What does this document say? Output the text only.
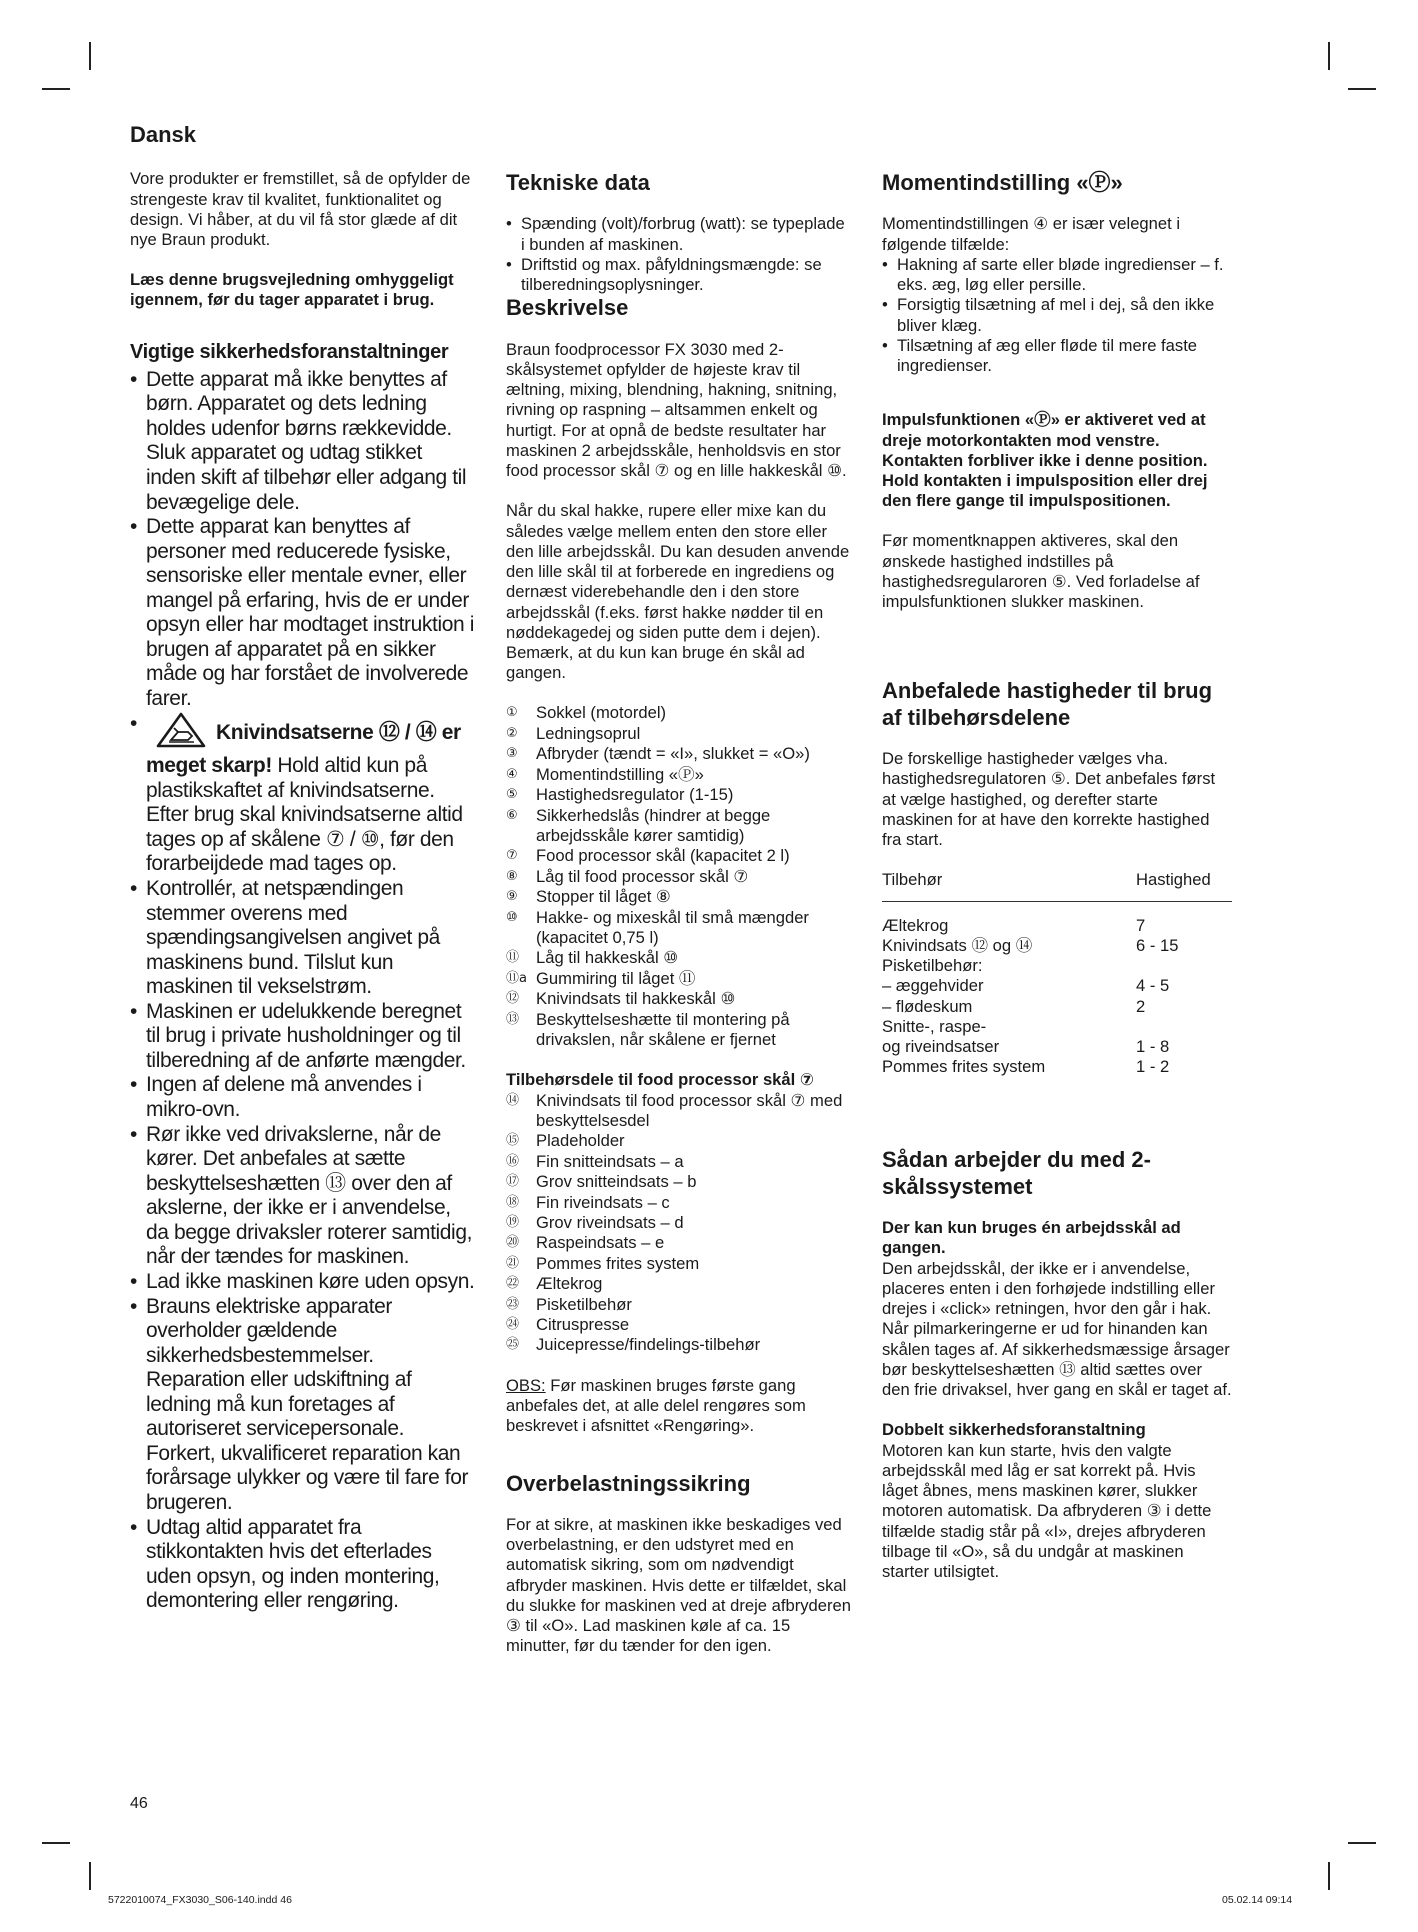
Dansk

Vore produkter er fremstillet, så de opfylder de strengeste krav til kvalitet, funktionalitet og design. Vi håber, at du vil få stor glæde af dit nye Braun produkt.

Læs denne brugsvejledning omhyggeligt igennem, før du tager apparatet i brug.

Vigtige sikkerhedsforanstaltninger
• Dette apparat må ikke benyttes af børn. Apparatet og dets ledning holdes udenfor børns rækkevidde. Sluk apparatet og udtag stikket inden skift af tilbehør eller adgang til bevægelige dele.
• Dette apparat kan benyttes af personer med reducerede fysiske, sensoriske eller mentale evner, eller mangel på erfaring, hvis de er under opsyn eller har modtaget instruktion i brugen af apparatet på en sikker måde og har forstået de involverede farer.
• Knivindsatserne ⑫ / ⑭ er meget skarp! Hold altid kun på plastikskaftet af knivindsatserne. Efter brug skal knivindsatserne altid tages op af skålene ⑦ / ⑩, før den forarbeijdede mad tages op.
• Kontrollér, at netspændingen stemmer overens med spændingsangivelsen angivet på maskinens bund. Tilslut kun maskinen til vekselstrøm.
• Maskinen er udelukkende beregnet til brug i private husholdninger og til tilberedning af de anførte mængder.
• Ingen af delene må anvendes i mikro-ovn.
• Rør ikke ved drivakslerne, når de kører. Det anbefales at sætte beskyttelseshætten ⑬ over den af akslerne, der ikke er i anvendelse, da begge drivaksler roterer samtidig, når der tændes for maskinen.
• Lad ikke maskinen køre uden opsyn.
• Brauns elektriske apparater overholder gældende sikkerhedsbestemmelser. Reparation eller udskiftning af ledning må kun foretages af autoriseret servicepersonale. Forkert, ukvalificeret reparation kan forårsage ulykker og være til fare for brugeren.
• Udtag altid apparatet fra stikkontakten hvis det efterlades uden opsyn, og inden montering, demontering eller rengøring.
Tekniske data
• Spænding (volt)/forbrug (watt): se typeplade i bunden af maskinen.
• Driftstid og max. påfyldningsmængde: se tilberedningsoplysninger.
Beskrivelse

Braun foodprocessor FX 3030 med 2-skålsystemet opfylder de højeste krav til æltning, mixing, blendning, hakning, snitning, rivning op raspning – altsammen enkelt og hurtigt. For at opnå de bedste resultater har maskinen 2 arbejdsskåle, henholdsvis en stor food processor skål ⑦ og en lille hakkeskål ⑩.

Når du skal hakke, rupere eller mixe kan du således vælge mellem enten den store eller den lille arbejdsskål. Du kan desuden anvende den lille skål til at forberede en ingrediens og dernæst viderebehandle den i den store arbejdsskål (f.eks. først hakke nødder til en nøddekagedej og siden putte dem i dejen). Bemærk, at du kun kan bruge én skål ad gangen.

①	Sokkel (motordel)
②	Ledningsoprul
③	Afbryder (tændt = «I», slukket = «O»)
④	Momentindstilling «Ⓟ»
⑤	Hastighedsregulator (1-15)
⑥	Sikkerhedslås (hindrer at begge arbejdsskåle kører samtidig)
⑦	Food processor skål (kapacitet 2 l)
⑧	Låg til food processor skål ⑦
⑨	Stopper til låget ⑧
⑩	Hakke- og mixeskål til små mængder (kapacitet 0,75 l)
⑪	Låg til hakkeskål ⑩
⑪a Gummiring til låget ⑪
⑫	Knivindsats til hakkeskål ⑩
⑬	Beskyttelseshætte til montering på drivakslen, når skålene er fjernet
Tilbehørsdele til food processor skål ⑦
⑭	Knivindsats til food processor skål ⑦ med beskyttelsesdel
⑮	Pladeholder
⑯	Fin snitteindsats – a
⑰	Grov snitteindsats – b
⑱	Fin riveindsats – c
⑲	Grov riveindsats – d
⑳	Raspeindsats – e
㉑	Pommes frites system
㉒	Æltekrog
㉓	Pisketilbehør
㉔	Citruspresse
㉕	Juicepresse/findelings-tilbehør

OBS: Før maskinen bruges første gang anbefales det, at alle delel rengøres som beskrevet i afsnittet «Rengøring».

Overbelastningssikring

For at sikre, at maskinen ikke beskadiges ved overbelastning, er den udstyret med en automatisk sikring, som om nødvendigt afbryder maskinen. Hvis dette er tilfældet, skal du slukke for maskinen ved at dreje afbryderen ③ til «O». Lad maskinen køle af ca. 15 minutter, før du tænder for den igen.

Momentindstilling «Ⓟ»

Momentindstillingen ④ er især velegnet i følgende tilfælde:

• Hakning af sarte eller bløde ingredienser – f. eks. æg, løg eller persille.
• Forsigtig tilsætning af mel i dej, så den ikke bliver klæg.
• Tilsætning af æg eller fløde til mere faste ingredienser.

Impulsfunktionen «Ⓟ» er aktiveret ved at dreje motorkontakten mod venstre. Kontakten forbliver ikke i denne position. Hold kontakten i impulsposition eller drej den flere gange til impulspositionen.

Før momentknappen aktiveres, skal den ønskede hastighed indstilles på hastighedsregularoren ⑤. Ved forladelse af impulsfunktionen slukker maskinen.

Anbefalede hastigheder til brug af tilbehørsdelene

De forskellige hastigheder vælges vha. hastighedsregulatoren ⑤. Det anbefales først at vælge hastighed, og derefter starte maskinen for at have den korrekte hastighed fra start.

Tilbehør	Hastighed
Æltekrog	7
Knivindsats ⑫ og ⑭	6 - 15
Pisketilbehør:	
– æggehvider	4 - 5
– flødeskum	2
Snitte-, raspe-	
og riveindsatser	1 - 8
Pommes frites system	1 - 2
Sådan arbejder du med 2-skålssystemet
Der kan kun bruges én arbejdsskål ad gangen.

Den arbejdsskål, der ikke er i anvendelse, placeres enten i den forhøjede indstilling eller drejes i «click» retningen, hvor den går i hak. Når pilmarkeringerne er ud for hinanden kan skålen tages af. Af sikkerhedsmæssige årsager bør beskyttelseshætten ⑬ altid sættes over den frie drivaksel, hver gang en skål er taget af.

Dobbelt sikkerhedsforanstaltning

Motoren kan kun starte, hvis den valgte arbejdsskål med låg er sat korrekt på. Hvis låget åbnes, mens maskinen kører, slukker motoren automatisk. Da afbryderen ③ i dette tilfælde stadig står på «I», drejes afbryderen tilbage til «O», så du undgår at maskinen starter utilsigtet.

46
5722010074_FX3030_S06-140.indd 46	05.02.14 09:14
